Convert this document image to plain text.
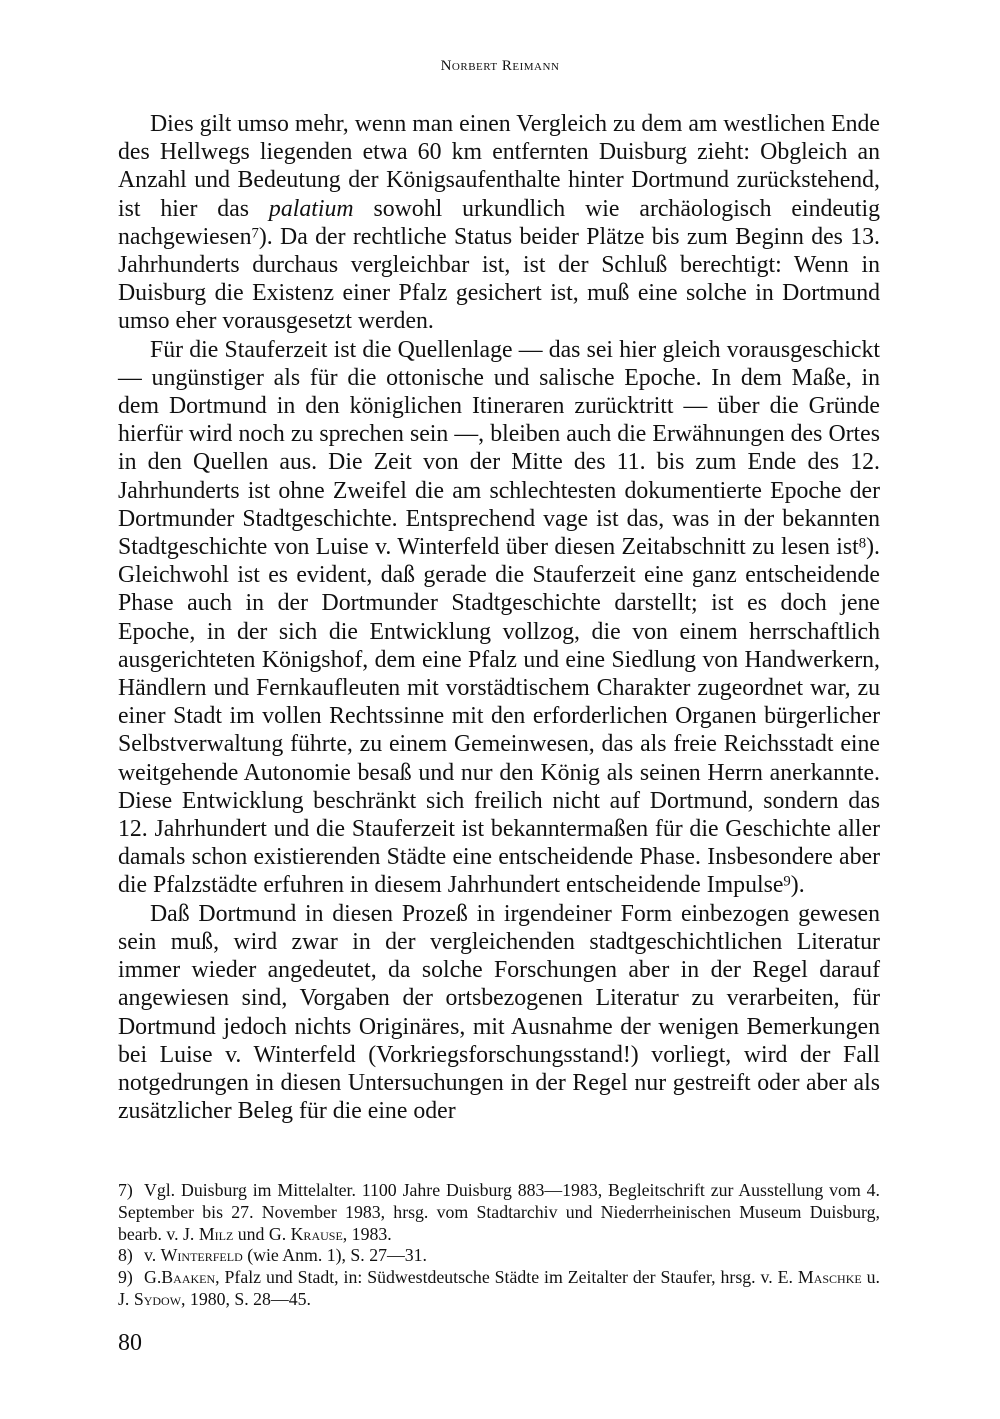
Norbert Reimann

Dies gilt umso mehr, wenn man einen Vergleich zu dem am westlichen Ende des Hellwegs liegenden etwa 60 km entfernten Duisburg zieht: Obgleich an Anzahl und Bedeutung der Königsaufenthalte hinter Dortmund zurückstehend, ist hier das palatium sowohl urkundlich wie archäologisch eindeutig nachgewiesen$^7$). Da der rechtliche Status beider Plätze bis zum Beginn des 13. Jahrhunderts durchaus vergleichbar ist, ist der Schluß berechtigt: Wenn in Duisburg die Existenz einer Pfalz gesichert ist, muß eine solche in Dortmund umso eher vorausgesetzt werden.

Für die Stauferzeit ist die Quellenlage — das sei hier gleich vorausgeschickt — ungünstiger als für die ottonische und salische Epoche. In dem Maße, in dem Dortmund in den königlichen Itineraren zurücktritt — über die Gründe hierfür wird noch zu sprechen sein —, bleiben auch die Erwähnungen des Ortes in den Quellen aus. Die Zeit von der Mitte des 11. bis zum Ende des 12. Jahrhunderts ist ohne Zweifel die am schlechtesten dokumentierte Epoche der Dortmunder Stadtgeschichte. Entsprechend vage ist das, was in der bekannten Stadtgeschichte von Luise v. Winterfeld über diesen Zeitabschnitt zu lesen ist$^8$). Gleichwohl ist es evident, daß gerade die Stauferzeit eine ganz entscheidende Phase auch in der Dortmunder Stadtgeschichte darstellt; ist es doch jene Epoche, in der sich die Entwicklung vollzog, die von einem herrschaftlich ausgerichteten Königshof, dem eine Pfalz und eine Siedlung von Handwerkern, Händlern und Fernkaufleuten mit vorstädtischem Charakter zugeordnet war, zu einer Stadt im vollen Rechtssinne mit den erforderlichen Organen bürgerlicher Selbstverwaltung führte, zu einem Gemeinwesen, das als freie Reichsstadt eine weitgehende Autonomie besaß und nur den König als seinen Herrn anerkannte. Diese Entwicklung beschränkt sich freilich nicht auf Dortmund, sondern das 12. Jahrhundert und die Stauferzeit ist bekanntermaßen für die Geschichte aller damals schon existierenden Städte eine entscheidende Phase. Insbesondere aber die Pfalzstädte erfuhren in diesem Jahrhundert entscheidende Impulse$^9$).

Daß Dortmund in diesen Prozeß in irgendeiner Form einbezogen gewesen sein muß, wird zwar in der vergleichenden stadtgeschichtlichen Literatur immer wieder angedeutet, da solche Forschungen aber in der Regel darauf angewiesen sind, Vorgaben der ortsbezogenen Literatur zu verarbeiten, für Dortmund jedoch nichts Originäres, mit Ausnahme der wenigen Bemerkungen bei Luise v. Winterfeld (Vorkriegsforschungsstand!) vorliegt, wird der Fall notgedrungen in diesen Untersuchungen in der Regel nur gestreift oder aber als zusätzlicher Beleg für die eine oder

7) Vgl. Duisburg im Mittelalter. 1100 Jahre Duisburg 883—1983, Begleitschrift zur Ausstellung vom 4. September bis 27. November 1983, hrsg. vom Stadtarchiv und Niederrheinischen Museum Duisburg, bearb. v. J. Milz und G. Krause, 1983.

8) v. Winterfeld (wie Anm. 1), S. 27—31.

9) G.Baaken, Pfalz und Stadt, in: Südwestdeutsche Städte im Zeitalter der Staufer, hrsg. v. E. Maschke u. J. Sydow, 1980, S. 28—45.

80
